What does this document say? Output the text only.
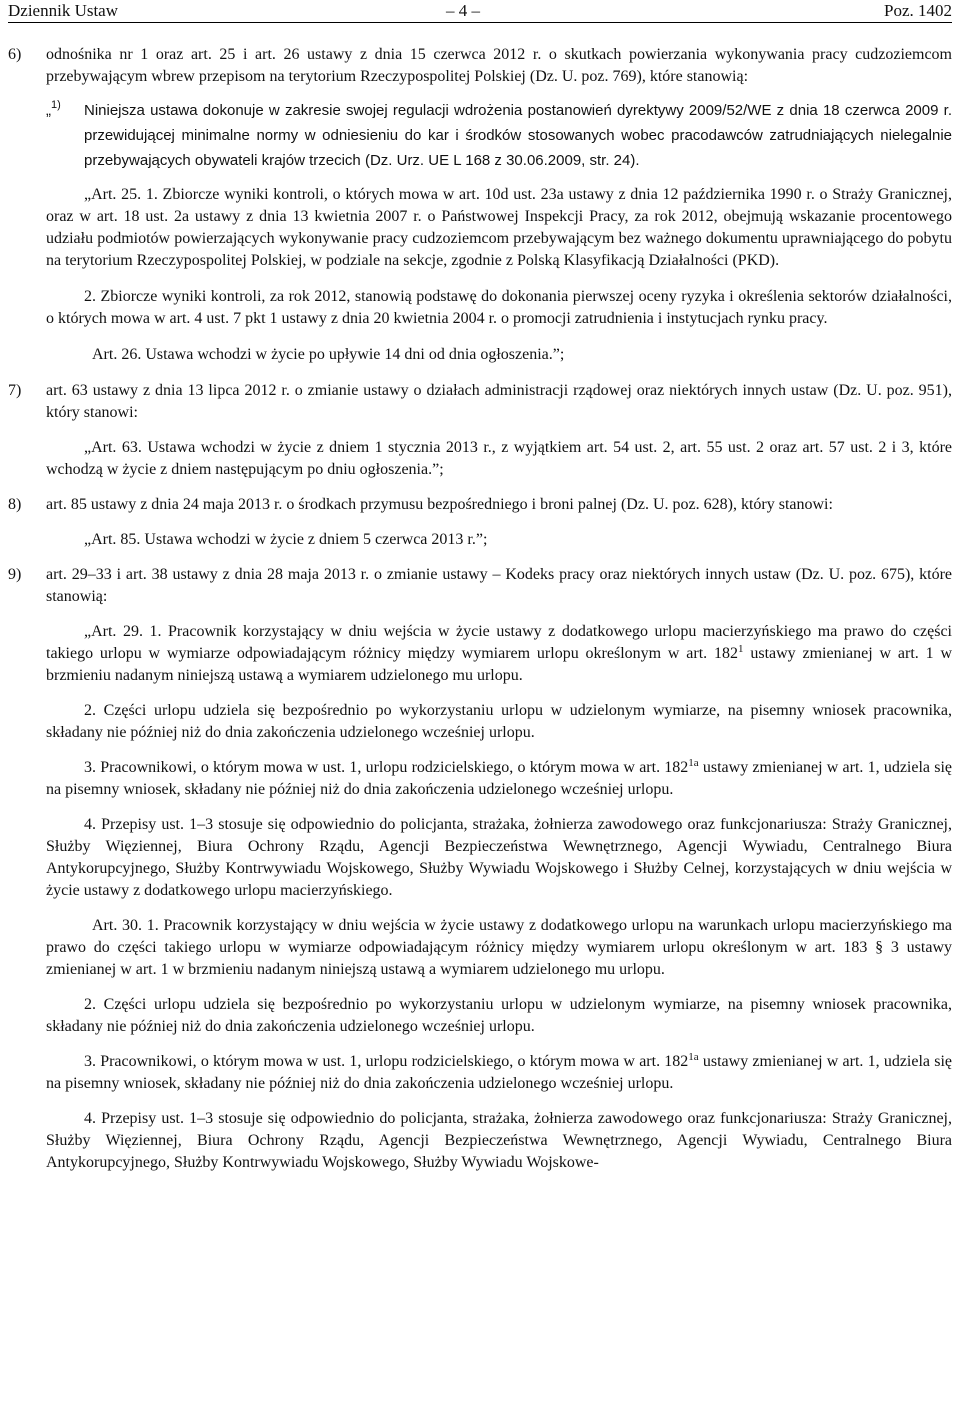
Dziennik Ustaw	– 4 –	Poz. 1402
6) odnośnika nr 1 oraz art. 25 i art. 26 ustawy z dnia 15 czerwca 2012 r. o skutkach powierzania wykonywania pracy cudzoziemcom przebywającym wbrew przepisom na terytorium Rzeczypospolitej Polskiej (Dz. U. poz. 769), które stanowią:

„1) Niniejsza ustawa dokonuje w zakresie swojej regulacji wdrożenia postanowień dyrektywy 2009/52/WE z dnia 18 czerwca 2009 r. przewidującej minimalne normy w odniesieniu do kar i środków stosowanych wobec pracodawców zatrudniających nielegalnie przebywających obywateli krajów trzecich (Dz. Urz. UE L 168 z 30.06.2009, str. 24).

„Art. 25. 1. Zbiorcze wyniki kontroli, o których mowa w art. 10d ust. 23a ustawy z dnia 12 października 1990 r. o Straży Granicznej, oraz w art. 18 ust. 2a ustawy z dnia 13 kwietnia 2007 r. o Państwowej Inspekcji Pracy, za rok 2012, obejmują wskazanie procentowego udziału podmiotów powierzających wykonywanie pracy cudzoziemcom przebywającym bez ważnego dokumentu uprawniającego do pobytu na terytorium Rzeczypospolitej Polskiej, w podziale na sekcje, zgodnie z Polską Klasyfikacją Działalności (PKD).

2. Zbiorcze wyniki kontroli, za rok 2012, stanowią podstawę do dokonania pierwszej oceny ryzyka i określenia sektorów działalności, o których mowa w art. 4 ust. 7 pkt 1 ustawy z dnia 20 kwietnia 2004 r. o promocji zatrudnienia i instytucjach rynku pracy.

Art. 26. Ustawa wchodzi w życie po upływie 14 dni od dnia ogłoszenia.”;

7) art. 63 ustawy z dnia 13 lipca 2012 r. o zmianie ustawy o działach administracji rządowej oraz niektórych innych ustaw (Dz. U. poz. 951), który stanowi:

„Art. 63. Ustawa wchodzi w życie z dniem 1 stycznia 2013 r., z wyjątkiem art. 54 ust. 2, art. 55 ust. 2 oraz art. 57 ust. 2 i 3, które wchodzą w życie z dniem następującym po dniu ogłoszenia.”;

8) art. 85 ustawy z dnia 24 maja 2013 r. o środkach przymusu bezpośredniego i broni palnej (Dz. U. poz. 628), który stanowi:

„Art. 85. Ustawa wchodzi w życie z dniem 5 czerwca 2013 r.”;

9) art. 29–33 i art. 38 ustawy z dnia 28 maja 2013 r. o zmianie ustawy – Kodeks pracy oraz niektórych innych ustaw (Dz. U. poz. 675), które stanowią:

„Art. 29. 1. Pracownik korzystający w dniu wejścia w życie ustawy z dodatkowego urlopu macierzyńskiego ma prawo do części takiego urlopu w wymiarze odpowiadającym różnicy między wymiarem urlopu określonym w art. $182^1$ ustawy zmienianej w art. 1 w brzmieniu nadanym niniejszą ustawą a wymiarem udzielonego mu urlopu.

2. Części urlopu udziela się bezpośrednio po wykorzystaniu urlopu w udzielonym wymiarze, na pisemny wniosek pracownika, składany nie później niż do dnia zakończenia udzielonego wcześniej urlopu.

3. Pracownikowi, o którym mowa w ust. 1, urlopu rodzicielskiego, o którym mowa w art. $182^{1a}$ ustawy zmienianej w art. 1, udziela się na pisemny wniosek, składany nie później niż do dnia zakończenia udzielonego wcześniej urlopu.

4. Przepisy ust. 1–3 stosuje się odpowiednio do policjanta, strażaka, żołnierza zawodowego oraz funkcjonariusza: Straży Granicznej, Służby Więziennej, Biura Ochrony Rządu, Agencji Bezpieczeństwa Wewnętrznego, Agencji Wywiadu, Centralnego Biura Antykorupcyjnego, Służby Kontrwywiadu Wojskowego, Służby Wywiadu Wojskowego i Służby Celnej, korzystających w dniu wejścia w życie ustawy z dodatkowego urlopu macierzyńskiego.

Art. 30. 1. Pracownik korzystający w dniu wejścia w życie ustawy z dodatkowego urlopu na warunkach urlopu macierzyńskiego ma prawo do części takiego urlopu w wymiarze odpowiadającym różnicy między wymiarem urlopu określonym w art. 183 § 3 ustawy zmienianej w art. 1 w brzmieniu nadanym niniejszą ustawą a wymiarem udzielonego mu urlopu.

2. Części urlopu udziela się bezpośrednio po wykorzystaniu urlopu w udzielonym wymiarze, na pisemny wniosek pracownika, składany nie później niż do dnia zakończenia udzielonego wcześniej urlopu.

3. Pracownikowi, o którym mowa w ust. 1, urlopu rodzicielskiego, o którym mowa w art. $182^{1a}$ ustawy zmienianej w art. 1, udziela się na pisemny wniosek, składany nie później niż do dnia zakończenia udzielonego wcześniej urlopu.

4. Przepisy ust. 1–3 stosuje się odpowiednio do policjanta, strażaka, żołnierza zawodowego oraz funkcjonariusza: Straży Granicznej, Służby Więziennej, Biura Ochrony Rządu, Agencji Bezpieczeństwa Wewnętrznego, Agencji Wywiadu, Centralnego Biura Antykorupcyjnego, Służby Kontrwywiadu Wojskowego, Służby Wywiadu Wojskowe-
